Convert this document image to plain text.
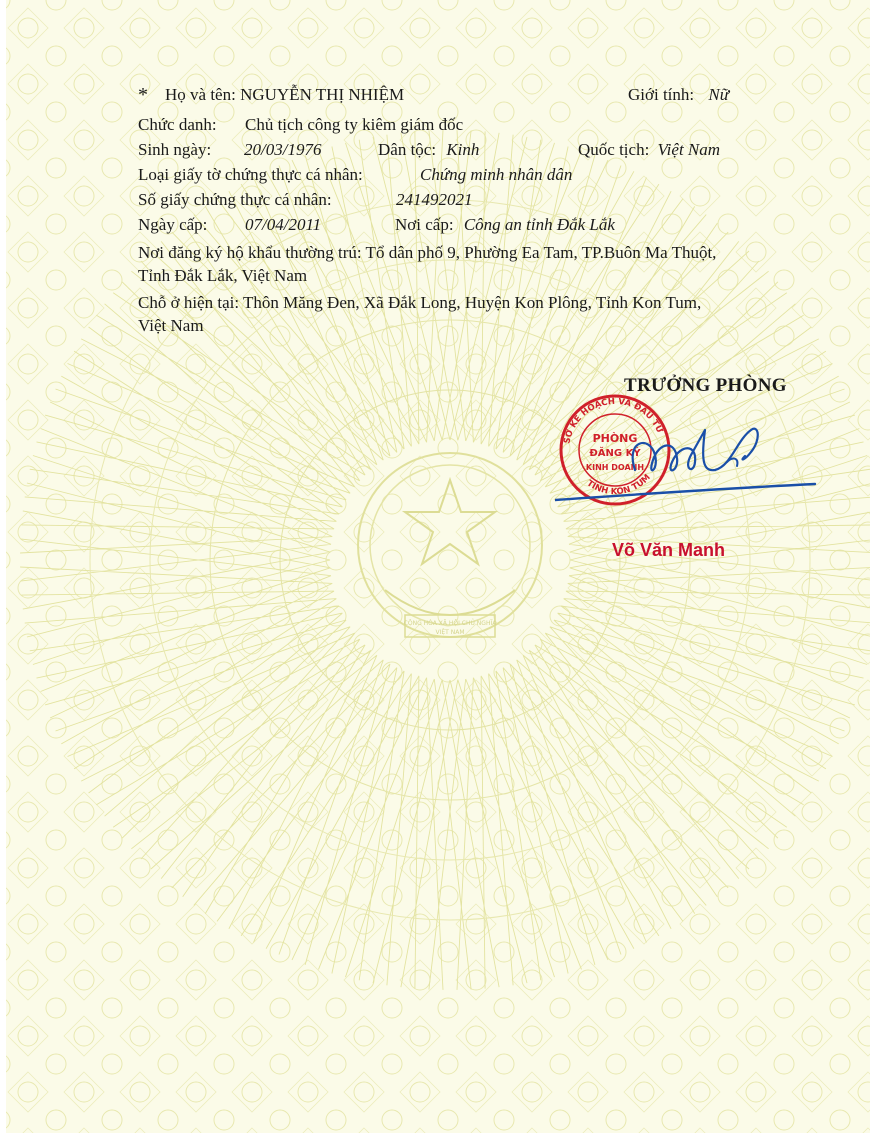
CỘNG HÒA XÃ HỘI CHỦ NGHĨA
VIỆT NAM
* Họ và tên: NGUYỄN THỊ NHIỆM	Giới tính: Nữ
Chức danh: Chủ tịch công ty kiêm giám đốc
Sinh ngày: 20/03/1976	Dân tộc: Kinh	Quốc tịch: Việt Nam
Loại giấy tờ chứng thực cá nhân:	Chứng minh nhân dân
Số giấy chứng thực cá nhân:	241492021
Ngày cấp: 07/04/2011	Nơi cấp: Công an tỉnh Đắk Lắk
Nơi đăng ký hộ khẩu thường trú: Tổ dân phố 9, Phường Ea Tam, TP.Buôn Ma Thuột,
Tỉnh Đắk Lắk, Việt Nam
Chỗ ở hiện tại: Thôn Măng Đen, Xã Đắk Long, Huyện Kon Plông, Tỉnh Kon Tum,
Việt Nam
TRƯỞNG PHÒNG
PHÒNG
ĐĂNG KÝ
KINH DOANH
SỞ KẾ HOẠCH VÀ ĐẦU TƯ
TỈNH KON TUM
Võ Văn Manh
